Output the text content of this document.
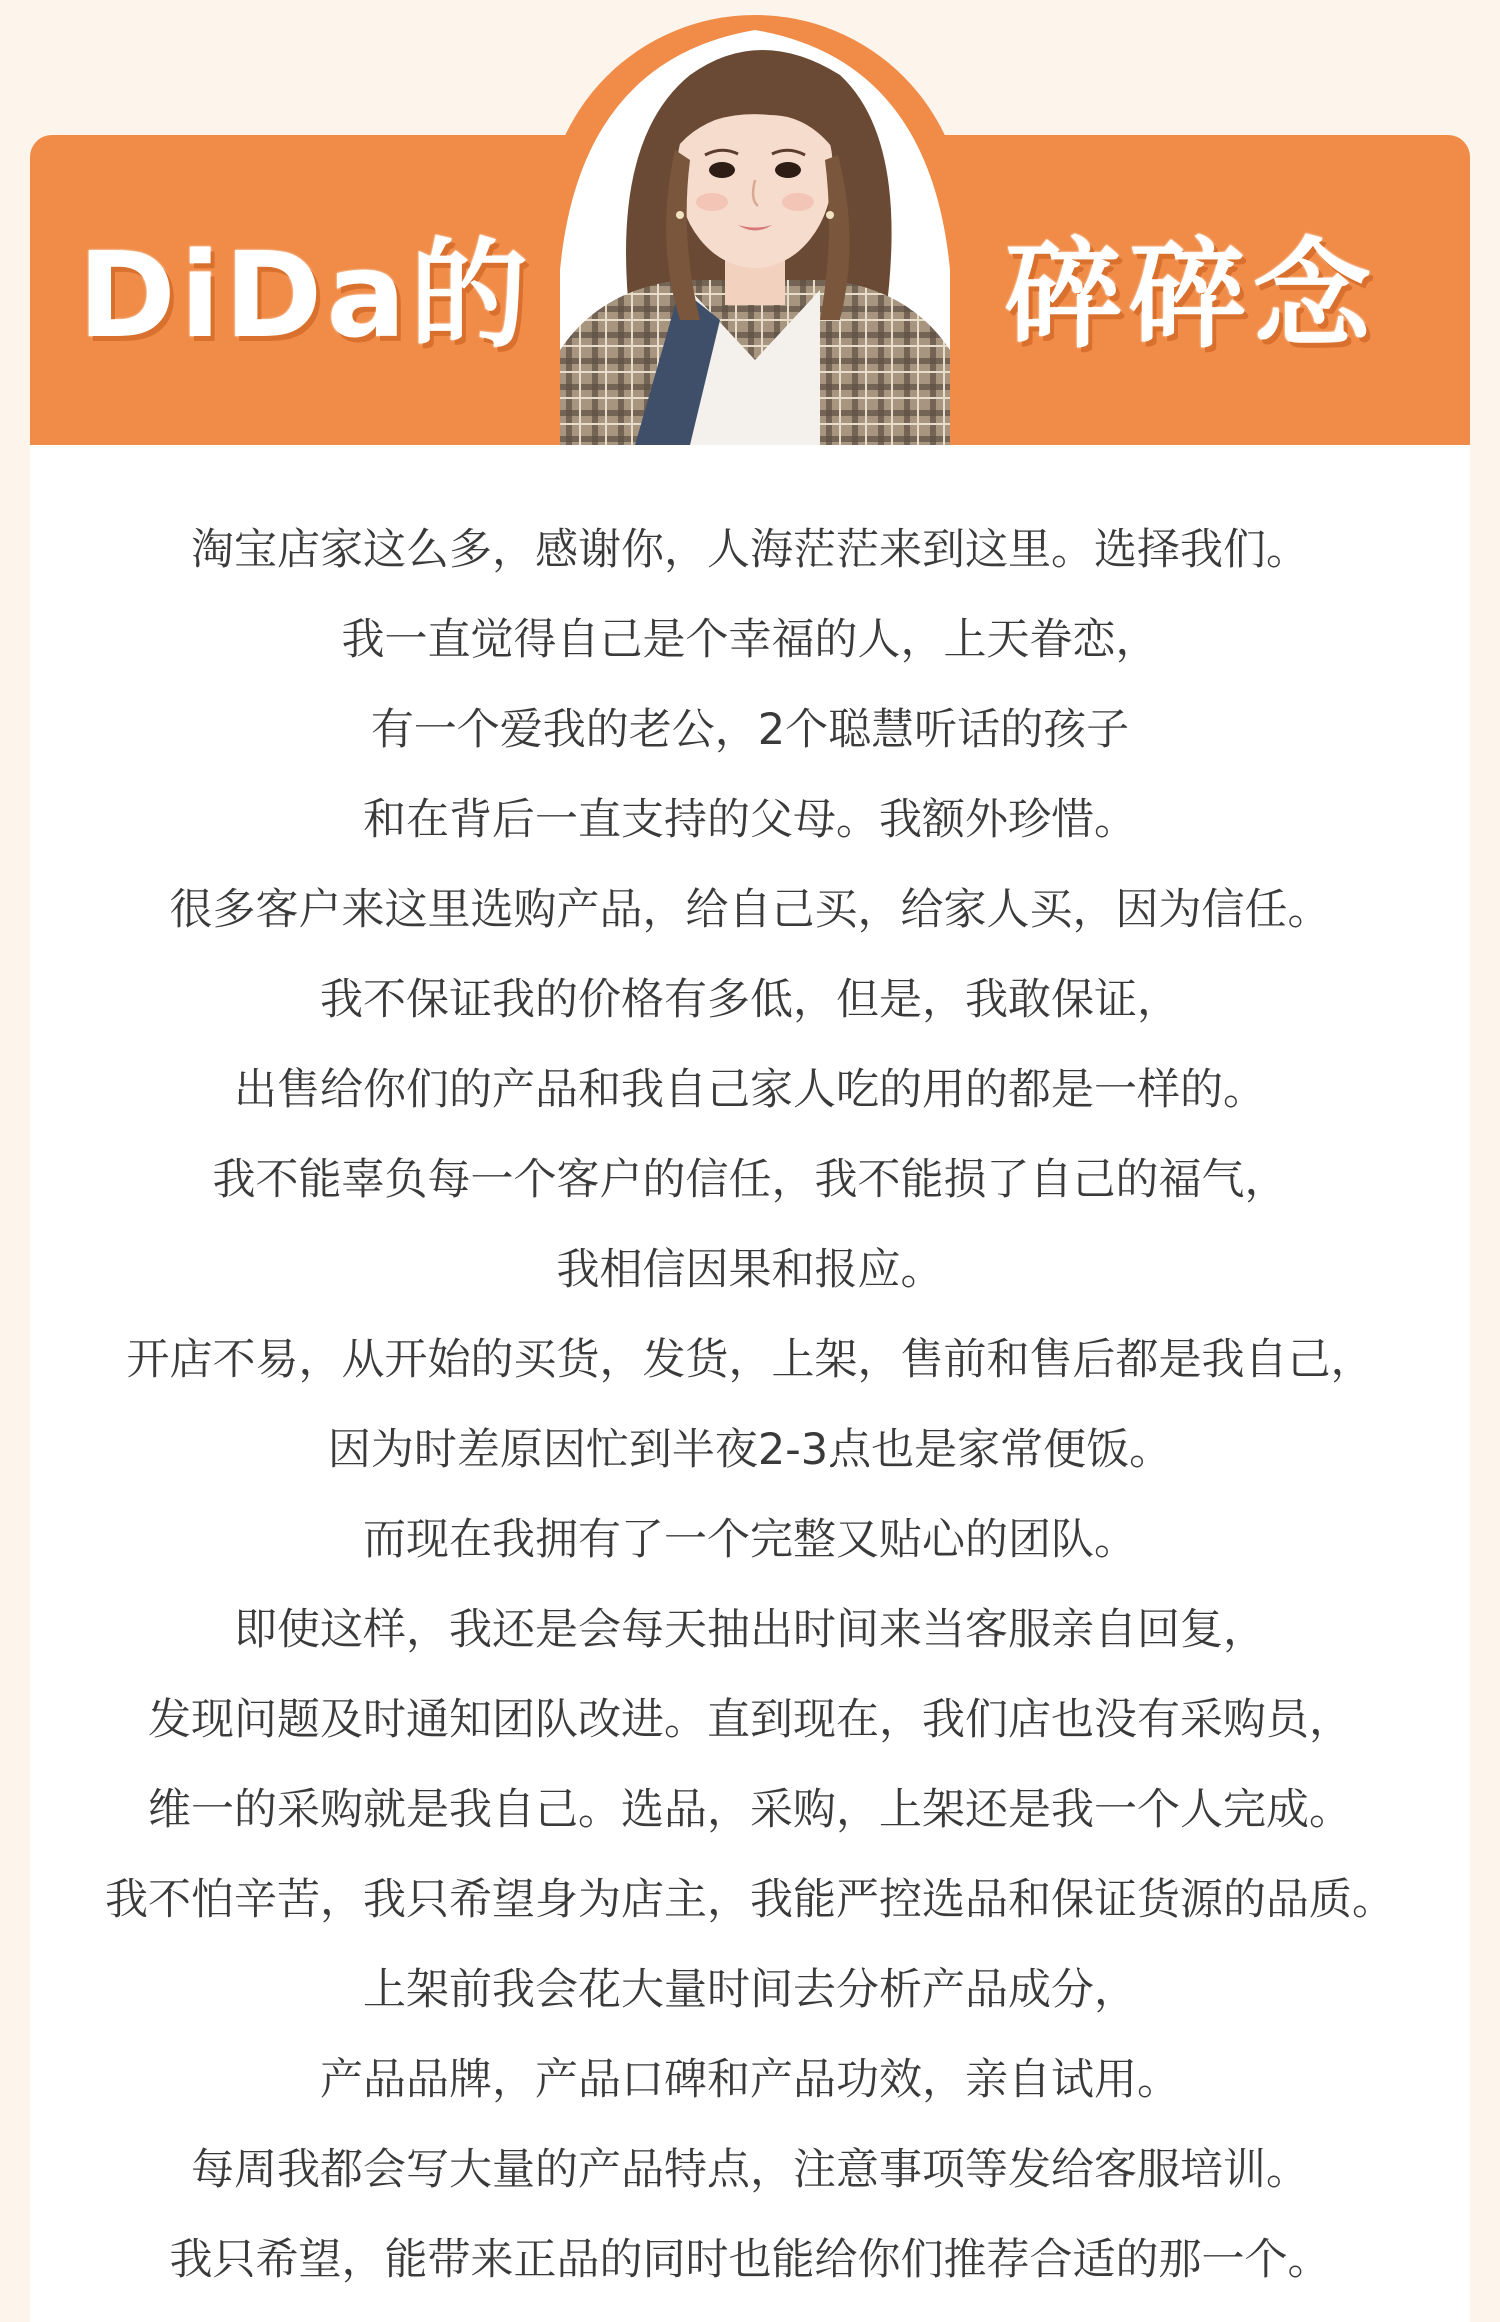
DiDa的	碎碎念
淘宝店家这么多，感谢你，人海茫茫来到这里。选择我们。
我一直觉得自己是个幸福的人，上天眷恋，
有一个爱我的老公，2个聪慧听话的孩子
和在背后一直支持的父母。我额外珍惜。
很多客户来这里选购产品，给自己买，给家人买，因为信任。
我不保证我的价格有多低，但是，我敢保证，
出售给你们的产品和我自己家人吃的用的都是一样的。
我不能辜负每一个客户的信任，我不能损了自己的福气，
我相信因果和报应。
开店不易，从开始的买货，发货，上架，售前和售后都是我自己，
因为时差原因忙到半夜2-3点也是家常便饭。
而现在我拥有了一个完整又贴心的团队。
即使这样，我还是会每天抽出时间来当客服亲自回复，
发现问题及时通知团队改进。直到现在，我们店也没有采购员，
维一的采购就是我自己。选品，采购，上架还是我一个人完成。
我不怕辛苦，我只希望身为店主，我能严控选品和保证货源的品质。
上架前我会花大量时间去分析产品成分，
产品品牌，产品口碑和产品功效，亲自试用。
每周我都会写大量的产品特点，注意事项等发给客服培训。
我只希望，能带来正品的同时也能给你们推荐合适的那一个。
